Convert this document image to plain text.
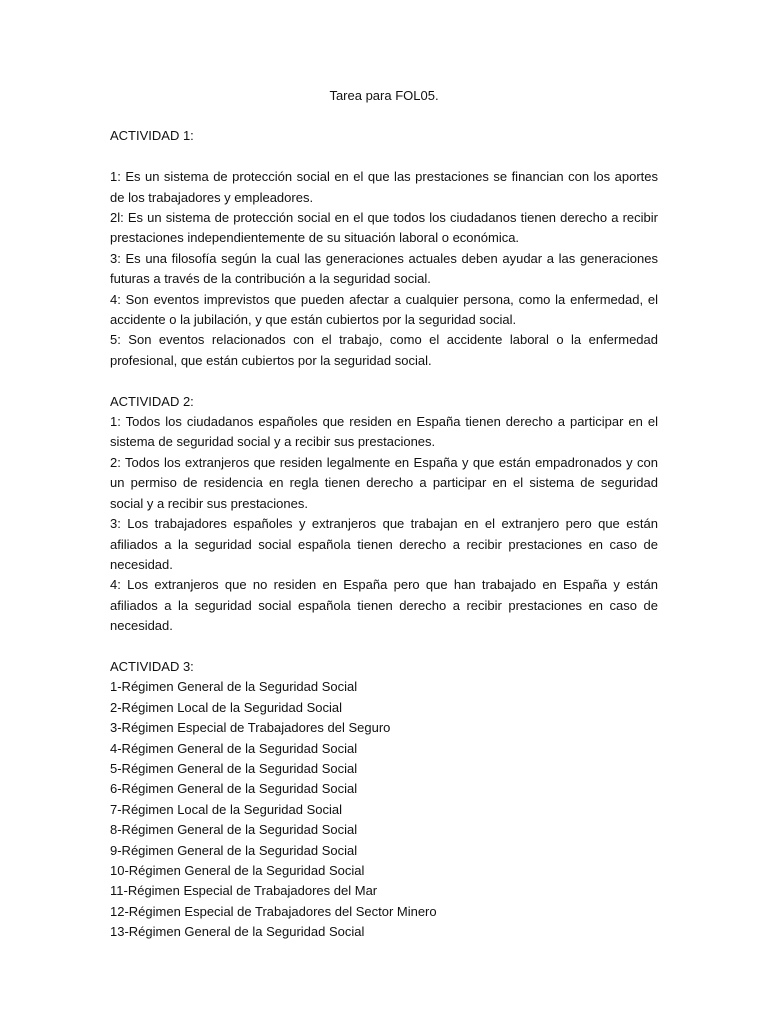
Tarea para FOL05.

ACTIVIDAD 1:

1: Es un sistema de protección social en el que las prestaciones se financian con los aportes de los trabajadores y empleadores.

2l: Es un sistema de protección social en el que todos los ciudadanos tienen derecho a recibir prestaciones independientemente de su situación laboral o económica.

3: Es una filosofía según la cual las generaciones actuales deben ayudar a las generaciones futuras a través de la contribución a la seguridad social.

4: Son eventos imprevistos que pueden afectar a cualquier persona, como la enfermedad, el accidente o la jubilación, y que están cubiertos por la seguridad social.

5: Son eventos relacionados con el trabajo, como el accidente laboral o la enfermedad profesional, que están cubiertos por la seguridad social.

ACTIVIDAD 2:

1: Todos los ciudadanos españoles que residen en España tienen derecho a participar en el sistema de seguridad social y a recibir sus prestaciones.

2: Todos los extranjeros que residen legalmente en España y que están empadronados y con un permiso de residencia en regla tienen derecho a participar en el sistema de seguridad social y a recibir sus prestaciones.

3: Los trabajadores españoles y extranjeros que trabajan en el extranjero pero que están afiliados a la seguridad social española tienen derecho a recibir prestaciones en caso de necesidad.

4: Los extranjeros que no residen en España pero que han trabajado en España y están afiliados a la seguridad social española tienen derecho a recibir prestaciones en caso de necesidad.

ACTIVIDAD 3:

1-Régimen General de la Seguridad Social

2-Régimen Local de la Seguridad Social

3-Régimen Especial de Trabajadores del Seguro

4-Régimen General de la Seguridad Social

5-Régimen General de la Seguridad Social

6-Régimen General de la Seguridad Social

7-Régimen Local de la Seguridad Social

8-Régimen General de la Seguridad Social

9-Régimen General de la Seguridad Social

10-Régimen General de la Seguridad Social

11-Régimen Especial de Trabajadores del Mar

12-Régimen Especial de Trabajadores del Sector Minero

13-Régimen General de la Seguridad Social
